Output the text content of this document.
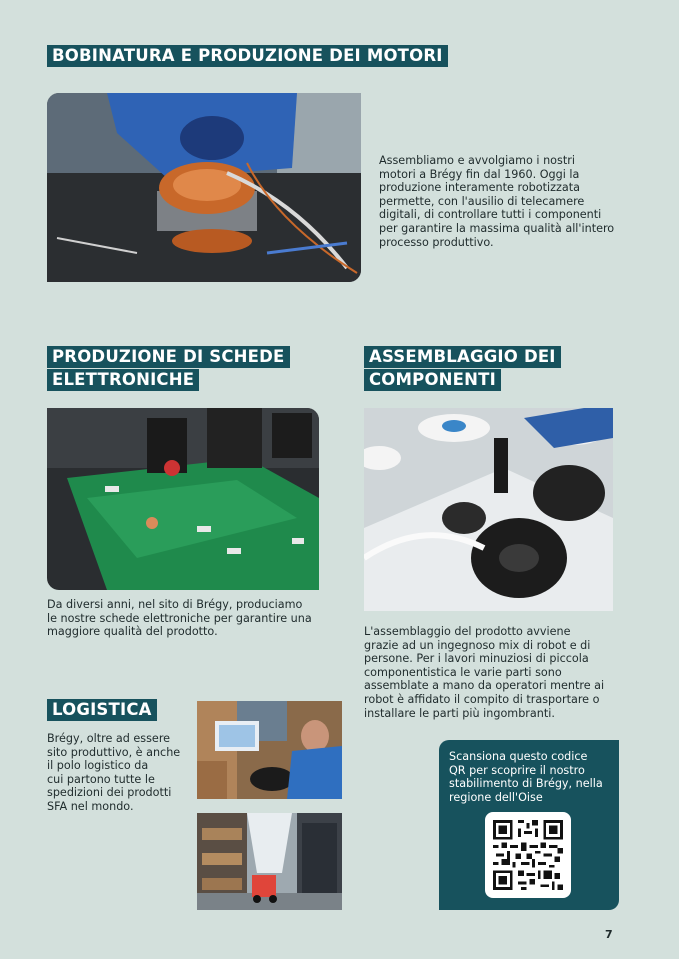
BOBINATURA E PRODUZIONE DEI MOTORI
Assembliamo e avvolgiamo i nostri
motori a Brégy fin dal 1960. Oggi la
produzione interamente robotizzata
permette, con l'ausilio di telecamere
digitali, di controllare tutti i componenti
per garantire la massima qualità all'intero
processo produttivo.
PRODUZIONE DI SCHEDE
ELETTRONICHE
Da diversi anni, nel sito di Brégy, produciamo
le nostre schede elettroniche per garantire una
maggiore qualità del prodotto.
ASSEMBLAGGIO DEI
COMPONENTI
L'assemblaggio del prodotto avviene
grazie ad un ingegnoso mix di robot e di
persone. Per i lavori minuziosi di piccola
componentistica le varie parti sono
assemblate a mano da operatori mentre ai
robot è affidato il compito di trasportare o
installare le parti più ingombranti.
LOGISTICA
Brégy, oltre ad essere
sito produttivo, è anche
il polo logistico da
cui partono tutte le
spedizioni dei prodotti
SFA nel mondo.
Scansiona questo codice
QR per scoprire il nostro
stabilimento di Brégy, nella
regione dell'Oise
7
